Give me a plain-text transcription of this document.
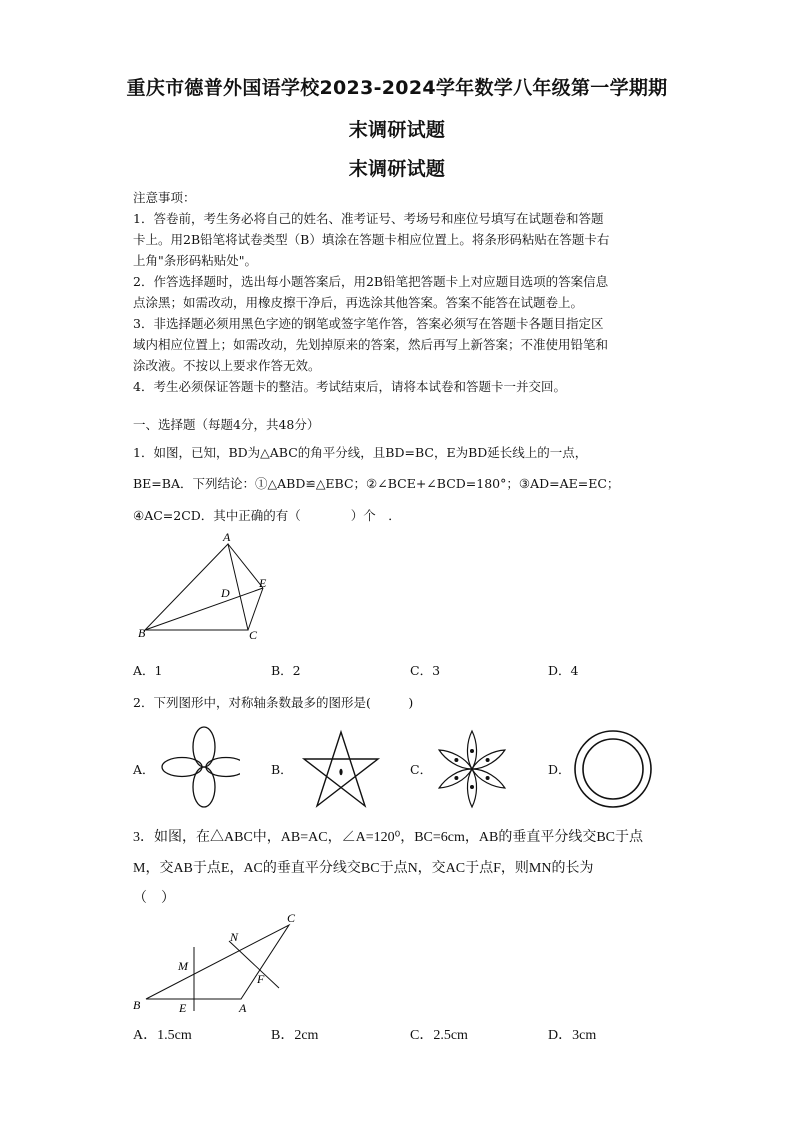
重庆市德普外国语学校2023-2024学年数学八年级第一学期期
末调研试题
末调研试题
注意事项：
1．答卷前，考生务必将自己的姓名、准考证号、考场号和座位号填写在试题卷和答题
卡上。用2B铅笔将试卷类型（B）填涂在答题卡相应位置上。将条形码粘贴在答题卡右
上角"条形码粘贴处"。
2．作答选择题时，选出每小题答案后，用2B铅笔把答题卡上对应题目选项的答案信息
点涂黑；如需改动，用橡皮擦干净后，再选涂其他答案。答案不能答在试题卷上。
3．非选择题必须用黑色字迹的钢笔或签字笔作答，答案必须写在答题卡各题目指定区
域内相应位置上；如需改动，先划掉原来的答案，然后再写上新答案；不准使用铅笔和
涂改液。不按以上要求作答无效。
4．考生必须保证答题卡的整洁。考试结束后，请将本试卷和答题卡一并交回。
一、选择题（每题4分，共48分）
1．如图，已知，BD为△ABC的角平分线，且BD=BC，E为BD延长线上的一点，
BE=BA．下列结论：①△ABD≌△EBC；②∠BCE+∠BCD=180°；③AD=AE=EC；
④AC=2CD．其中正确的有（　　　　）个　．
A
D
E
B	C
A．1	B．2	C．3	D．4
2．下列图形中，对称轴条数最多的图形是(　　　)
A．	B．	C．	D．
3．如图，在△ABC中，AB=AC，∠A=120⁰，BC=6cm，AB的垂直平分线交BC于点
M，交AB于点E，AC的垂直平分线交BC于点N，交AC于点F，则MN的长为
（　）
C
N
M
F
B	E	A
A．1.5cm	B．2cm	C．2.5cm	D．3cm
